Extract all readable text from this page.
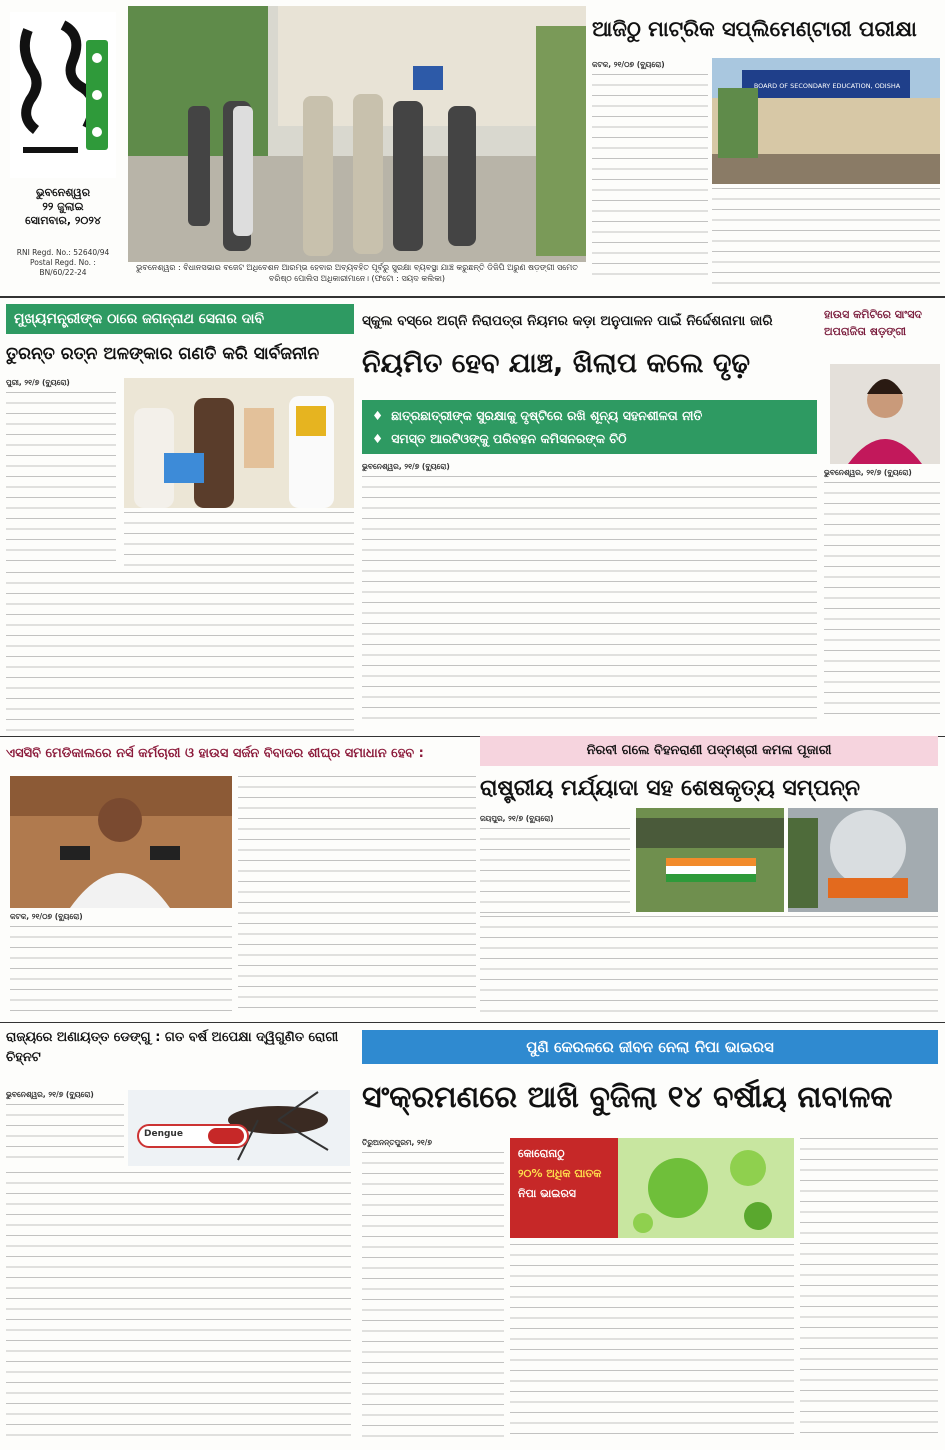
ଭୁବନେଶ୍ୱର
୨୨ ଜୁଲାଇ
ସୋମବାର, ୨୦୨୪
RNI Regd. No.: 52640/94
Postal Regd. No. :
BN/60/22-24
ଭୁବନେଶ୍ୱର : ବିଧାନସଭାର ବଜେଟ ଅଧିବେଶନ ଆରମ୍ଭ ହେବାର ଅବ୍ୟବହିତ ପୂର୍ବରୁ ସୁରକ୍ଷା ବ୍ୟବସ୍ଥା ଯାଞ୍ଚ କରୁଛନ୍ତି ଡିଜିପି ଅରୁଣ ଷଡ଼ଙ୍ଗୀ ସମେତ ବରିଷ୍ଠ ପୋଲିସ ଅଧିକାରୀମାନେ। (ଫଟୋ : ସୟଦ କଲିକା)
ଆଜିଠୁ ମାଟ୍ରିକ ସପ୍ଲିମେଣ୍ଟାରୀ ପରୀକ୍ଷା
କଟକ, ୨୧/୦୭ (ବ୍ୟୁରୋ)
BOARD OF SECONDARY EDUCATION, ODISHA
ମୁଖ୍ୟମନ୍ତ୍ରୀଙ୍କ ଠାରେ ଜଗନ୍ନାଥ ସେନାର ଦାବି
ତୁରନ୍ତ ରତ୍ନ ଅଳଙ୍କାର ଗଣତି କରି ସାର୍ବଜନୀନ
ପୁରୀ, ୨୧/୭ (ବ୍ୟୁରୋ)
ସ୍କୁଲ ବସ୍‌ରେ ଅଗ୍ନି ନିରାପତ୍ତା ନିୟମର କଡ଼ା ଅନୁପାଳନ ପାଇଁ ନିର୍ଦ୍ଦେଶନାମା ଜାରି
ନିୟମିତ ହେବ ଯାଞ୍ଚ, ଖିଲାପ କଲେ ଦୃଢ଼
♦ ଛାତ୍ରଛାତ୍ରୀଙ୍କ ସୁରକ୍ଷାକୁ ଦୃଷ୍ଟିରେ ରଖି ଶୂନ୍ୟ ସହନଶୀଳତା ନୀତି
♦ ସମସ୍ତ ଆରଟିଓଙ୍କୁ ପରିବହନ କମିସନରଙ୍କ ଚିଠି
ଭୁବନେଶ୍ୱର, ୨୧/୭ (ବ୍ୟୁରୋ)
ହାଉସ କମିଟିରେ ସାଂସଦ ଅପରାଜିତା ଷଡ଼ଙ୍ଗୀ
ଭୁବନେଶ୍ୱର, ୨୧/୭ (ବ୍ୟୁରୋ)
ଏସସିବି ମେଡିକାଲରେ ନର୍ସ କର୍ମଚାରୀ ଓ ହାଉସ ସର୍ଜନ ବିବାଦର ଶୀଘ୍ର ସମାଧାନ ହେବ :
କଟକ, ୨୧/୦୭ (ବ୍ୟୁରୋ)
ନିରବୀ ଗଲେ ବିହନରାଣୀ ପଦ୍ମଶ୍ରୀ କମଳା ପୂଜାରୀ
ରାଷ୍ଟ୍ରୀୟ ମର୍ଯ୍ୟାଦା ସହ ଶେଷକୃତ୍ୟ ସମ୍ପନ୍ନ
ଜୟପୁର, ୨୧/୭ (ବ୍ୟୁରୋ)
ରାଜ୍ୟରେ ଅଣାୟତ୍ତ ଡେଙ୍ଗୁ : ଗତ ବର୍ଷ ଅପେକ୍ଷା ଦ୍ୱିଗୁଣିତ ରୋଗୀ ଚିହ୍ନଟ
ଭୁବନେଶ୍ୱର, ୨୧/୭ (ବ୍ୟୁରୋ)
Dengue
ପୁଣି କେରଳରେ ଜୀବନ ନେଲା ନିପା ଭାଇରସ
ସଂକ୍ରମଣରେ ଆଖି ବୁଜିଲା ୧୪ ବର୍ଷୀୟ ନାବାଳକ
ତିରୁଅନନ୍ତପୁରମ, ୨୧/୭
କୋରୋନାଠୁ
୨୦% ଅଧିକ ଘାତକ
ନିପା ଭାଇରସ
